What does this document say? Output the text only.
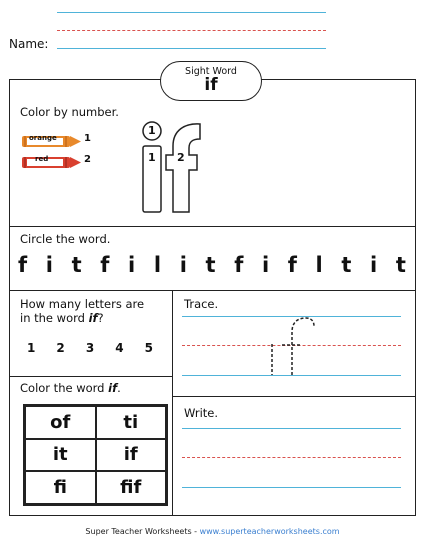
Name:
Sight Word
if
Color by number.
orange	1
red	2
1
1 2
Circle the word.
f i t f i l i t f i f l t i t
How many letters are
in the word if?
1 2 3 4 5
Color the word if.
of	ti
it	if
fi	fif
Trace.
Write.
Super Teacher Worksheets - www.superteacherworksheets.com
